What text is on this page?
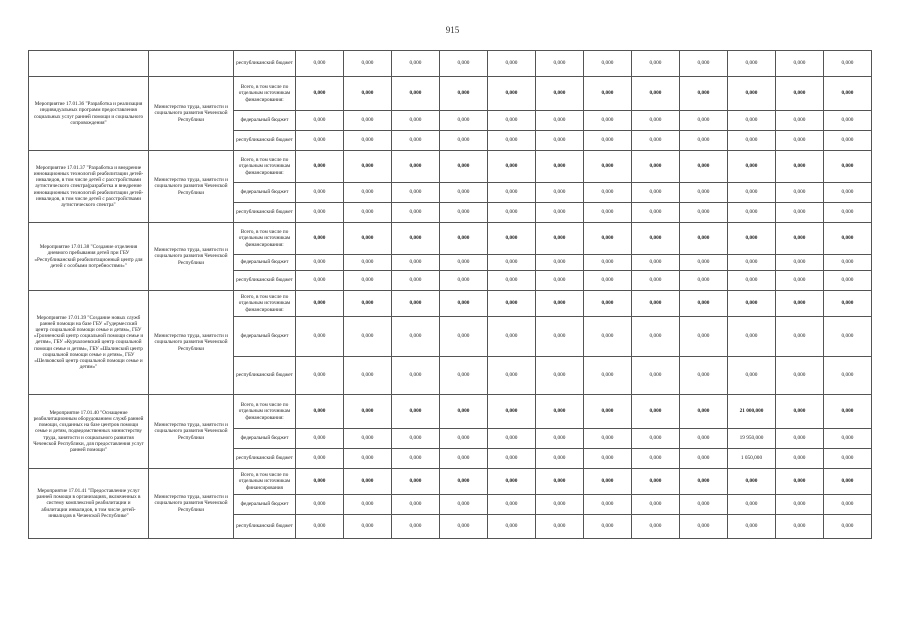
915
		республиканский бюджет	0,000	0,000	0,000	0,000	0,000	0,000	0,000	0,000	0,000	0,000	0,000	0,000
Мероприятие 17.01.36 "Разработка и реализация индивидуальных программ предоставления социальных услуг ранней помощи и социального сопровождения"	Министерство труда, занятости и социального развития Чеченской Республики	Всего, в том числе по отдельным источникам финансирования:	0,000	0,000	0,000	0,000	0,000	0,000	0,000	0,000	0,000	0,000	0,000	0,000
		федеральный бюджет	0,000	0,000	0,000	0,000	0,000	0,000	0,000	0,000	0,000	0,000	0,000	0,000
		республиканский бюджет	0,000	0,000	0,000	0,000	0,000	0,000	0,000	0,000	0,000	0,000	0,000	0,000
Мероприятие 17.01.37 "Разработка и внедрение инновационных технологий реабилитации детей-инвалидов, в том числе детей с расстройствами аутистического спектра(разработка и внедрение инновационных технологий реабилитации детей-инвалидов, в том числе детей с расстройствами аутистического спектра"	Министерство труда, занятости и социального развития Чеченской Республики	Всего, в том числе по отдельным источникам финансирования:	0,000	0,000	0,000	0,000	0,000	0,000	0,000	0,000	0,000	0,000	0,000	0,000
		федеральный бюджет	0,000	0,000	0,000	0,000	0,000	0,000	0,000	0,000	0,000	0,000	0,000	0,000
		республиканский бюджет	0,000	0,000	0,000	0,000	0,000	0,000	0,000	0,000	0,000	0,000	0,000	0,000
Мероприятие 17.01.38 "Создание отделения дневного пребывания детей при ГБУ «Республиканский реабилитационный центр для детей с особыми потребностями»"	Министерство труда, занятости и социального развития Чеченской Республики	Всего, в том числе по отдельным источникам финансирования:	0,000	0,000	0,000	0,000	0,000	0,000	0,000	0,000	0,000	0,000	0,000	0,000
		федеральный бюджет	0,000	0,000	0,000	0,000	0,000	0,000	0,000	0,000	0,000	0,000	0,000	0,000
		республиканский бюджет	0,000	0,000	0,000	0,000	0,000	0,000	0,000	0,000	0,000	0,000	0,000	0,000
Мероприятие 17.01.39 "Создание новых служб ранней помощи на базе ГБУ «Гудермесский центр социальной помощи семье и детям», ГБУ «Грозненский центр социальной помощи семье и детям», ГБУ «Курчалоевский центр социальной помощи семье и детям», ГБУ «Шалинский центр социальной помощи семье и детям», ГБУ «Шелковской центр социальной помощи семье и детям»"	Министерство труда, занятости и социального развития Чеченской Республики	Всего, в том числе по отдельным источникам финансирования:	0,000	0,000	0,000	0,000	0,000	0,000	0,000	0,000	0,000	0,000	0,000	0,000
		федеральный бюджет	0,000	0,000	0,000	0,000	0,000	0,000	0,000	0,000	0,000	0,000	0,000	0,000
		республиканский бюджет	0,000	0,000	0,000	0,000	0,000	0,000	0,000	0,000	0,000	0,000	0,000	0,000
Мероприятие 17.01.40 "Оснащение реабилитационным оборудованием служб ранней помощи, созданных на базе центров помощи семье и детям, подведомственных министерству труда, занятости и социального развития Чеченской Республики, для предоставления услуг ранней помощи"	Министерство труда, занятости и социального развития Чеченской Республики	Всего, в том числе по отдельным источникам финансирования:	0,000	0,000	0,000	0,000	0,000	0,000	0,000	0,000	0,000	21 000,000	0,000	0,000
		федеральный бюджет	0,000	0,000	0,000	0,000	0,000	0,000	0,000	0,000	0,000	19 950,000	0,000	0,000
		республиканский бюджет	0,000	0,000	0,000	0,000	0,000	0,000	0,000	0,000	0,000	1 050,000	0,000	0,000
Мероприятие 17.01.41 "Предоставление услуг ранней помощи в организациях, включенных в систему комплексной реабилитации и абилитации инвалидов, в том числе детей-инвалидов в Чеченской Республике"	Министерство труда, занятости и социального развития Чеченской Республики	Всего, в том числе по отдельным источникам финансирования	0,000	0,000	0,000	0,000	0,000	0,000	0,000	0,000	0,000	0,000	0,000	0,000
		федеральный бюджет	0,000	0,000	0,000	0,000	0,000	0,000	0,000	0,000	0,000	0,000	0,000	0,000
		республиканский бюджет	0,000	0,000	0,000	0,000	0,000	0,000	0,000	0,000	0,000	0,000	0,000	0,000
